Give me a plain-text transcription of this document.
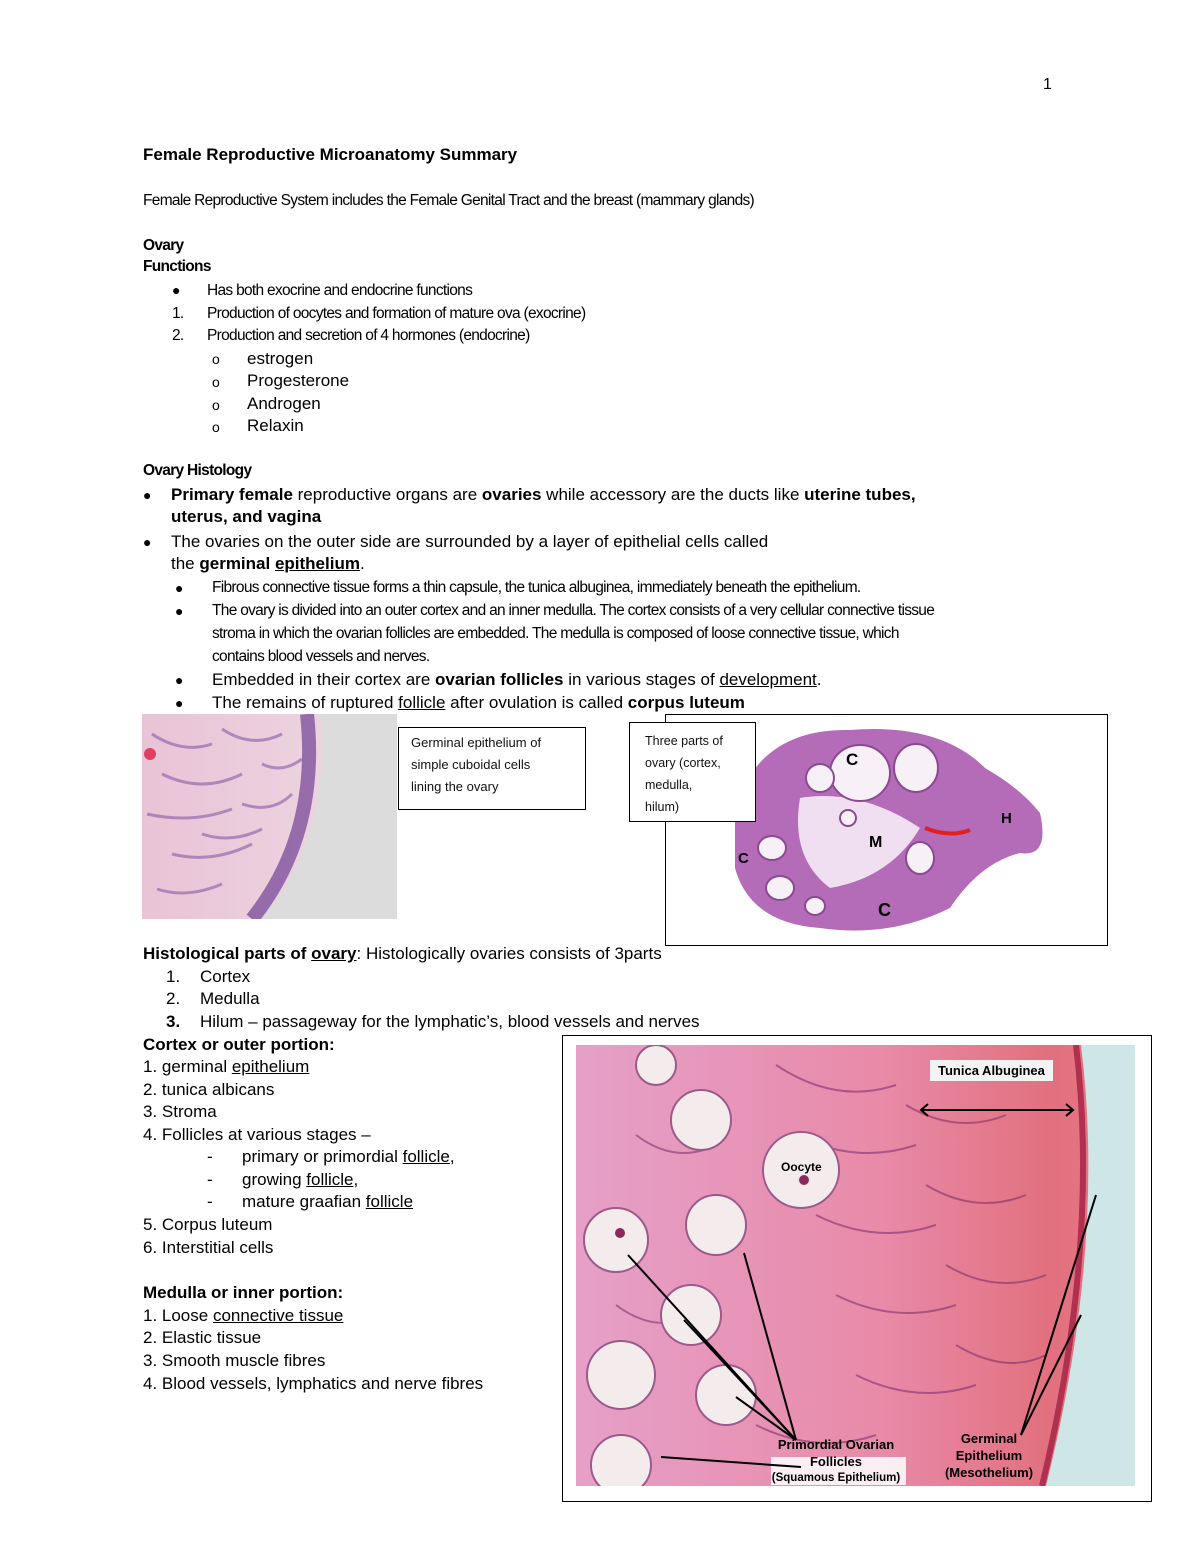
1
Female Reproductive Microanatomy Summary
Female Reproductive System includes the Female Genital Tract and the breast (mammary glands)
Ovary
Functions
● Has both exocrine and endocrine functions
1. Production of oocytes and formation of mature ova (exocrine)
2. Production and secretion of 4 hormones (endocrine)
o estrogen
o Progesterone
o Androgen
o Relaxin
Ovary Histology
● Primary female reproductive organs are ovaries while accessory are the ducts like uterine tubes,
uterus, and vagina
● The ovaries on the outer side are surrounded by a layer of epithelial cells called
the germinal epithelium.
● Fibrous connective tissue forms a thin capsule, the tunica albuginea, immediately beneath the epithelium.
● The ovary is divided into an outer cortex and an inner medulla. The cortex consists of a very cellular connective tissue
stroma in which the ovarian follicles are embedded. The medulla is composed of loose connective tissue, which
contains blood vessels and nerves.
● Embedded in their cortex are ovarian follicles in various stages of development.
● The remains of ruptured follicle after ovulation is called corpus luteum
Germinal epithelium of
simple cuboidal cells
lining the ovary
Three parts of
ovary (cortex,
medulla,
hilum)
C
H
M
C
C
Histological parts of ovary: Histologically ovaries consists of 3parts
1. Cortex
2. Medulla
3. Hilum – passageway for the lymphatic’s, blood vessels and nerves
Cortex or outer portion:
1. germinal epithelium
2. tunica albicans
3. Stroma
4. Follicles at various stages –
- primary or primordial follicle,
- growing follicle,
- mature graafian follicle
5. Corpus luteum
6. Interstitial cells
Medulla or inner portion:
1. Loose connective tissue
2. Elastic tissue
3. Smooth muscle fibres
4. Blood vessels, lymphatics and nerve fibres
Tunica Albuginea
Oocyte
Primordial Ovarian
Follicles
(Squamous Epithelium)
Germinal
Epithelium
(Mesothelium)
